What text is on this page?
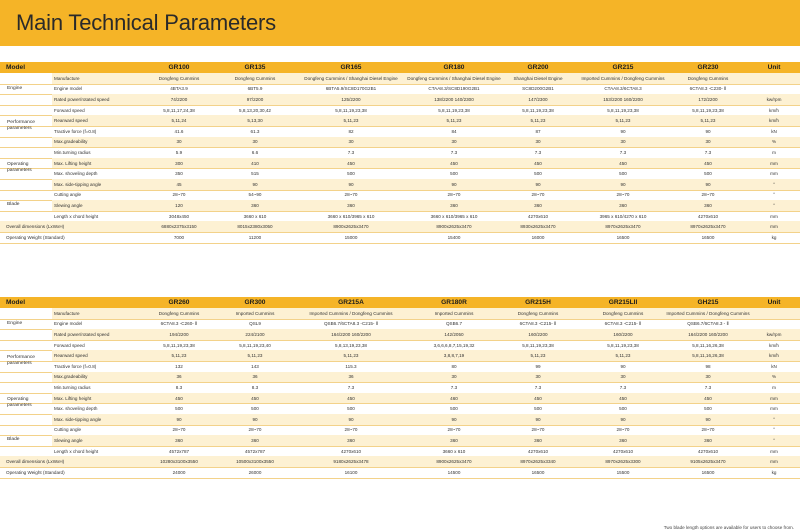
Main Technical Parameters
Model	GR100	GR135	GR165	GR180	GR200	GR215	GR230	Unit
Manufacture	Dongfeng Cummins	Dongfeng Cummins	Dongfeng Cummins / Shanghai Diesel Engine	Dongfeng Cummins / Shanghai Diesel Engine	Shanghai Diesel Engine	Imported Cummins / Dongfeng Cummins	Dongfeng Cummins
Engine model	4BTA3.9	6BT5.9	6BTA5.9/SC8D170G2B1	CTAA8.3/SC8D190G2B1	SC8D200G2B1	CTAA8.3/6CTA8.3	6CTA8.3 -C230- Ⅱ
Rated power/rotated speed	74/2200	97/2200	125/2200	138/2200 140/2300	147/2300	153/2200 160/2200	172/2200	kw/rpm
Forward speed	5,8,11,17,24,38	5,8,13,20,30,42	5,8,11,19,23,38	5,8,11,19,23,38	5,8,11,19,23,38	5,8,11,19,23,38	5,8,11,19,23,38	km/h
Rearward speed	5,11,24	5,13,30	5,11,23	5,11,23	5,11,23	5,11,23	5,11,23	km/h
Tractive force (f=0.8)	41.6	61.3	82	84	87	90	90	kN
Max.gradeability	30	30	30	30	30	30	30	%
Min.turning radius	5.9	6.6	7.3	7.3	7.3	7.3	7.3	m
Max. Lifting height	300	410	450	450	450	450	450	mm
Max. shoveling depth	350	515	500	500	500	500	500	mm
Max. side-tipping angle	45	90	90	90	90	90	90	°
Cutting angle	28~70	54~90	28~70	28~70	28~70	28~70	28~70	°
Slewing angle	120	360	360	360	360	360	360	°
Length x chord height	3048x450	3660 x 610	3660 x 610/3965 x 610	3660 x 610/3965 x 610	4270x610	3965 x 610/4270 x 610	4270x610	mm
Overall dimensions (LxWxH)	6880x2375x3150	8015x2380x3050	8900x2625x3470	8900x2625x3470	8930x2625x3470	8970x2625x3470	8970x2625x3470	mm
Operating Weight (Standard)	7000	11200	15000	15400	16000	16500	16500	kg
Engine
Performance parameters
Operating parameters
Blade
Model	GR260	GR300	GR215A	GR180R	GR215H	GR215LII	GH215	Unit
Manufacture	Dongfeng Cummins	Imported Cummins	Imported Cummins / Dongfeng Cummins	Imported Cummins	Dongfeng Cummins	Dongfeng Cummins	Imported Cummins / Dongfeng Cummins
Engine model	6CTA8.3 -C260- Ⅱ	QSL9	QSB6.7/6CTA8.3 -C215- Ⅱ	QSB6.7	6CTA8.3 -C215- Ⅱ	6CTA8.3 -C215- Ⅱ	QSB6.7/6CTA8.3 - Ⅱ
Rated power/rotated speed	194/2200	224/2100	164/2200 160/2200	142/2050	160/2200	160/2200	164/2200 160/2200	kw/rpm
Forward speed	5,8,11,19,23,38	5,8,11,19,23,40	5,8,13,19,23,38	3,6,6,6,8,7,15,19,32	5,8,11,19,23,38	5,8,11,19,23,38	5,8,11,16,26,38	km/h
Rearward speed	5,11,23	5,11,23	5,11,23	3,8,8,7,19	5,11,23	5,11,23	5,8,11,16,26,38	km/h
Tractive force (f=0.8)	132	143	115.3	80	99	90	98	kN
Max.gradeability	36	36	36	30	30	30	30	%
Min.turning radius	8.3	8.3	7.3	7.3	7.3	7.3	7.3	m
Max. Lifting height	450	450	450	460	450	450	450	mm
Max. shoveling depth	500	500	500	500	500	500	500	mm
Max. side-tipping angle	90	90	90	90	90	90	90	°
Cutting angle	28~70	28~70	28~70	28~70	28~70	28~70	28~70	°
Slewing angle	360	360	360	360	360	360	360	°
Length x chord height	4572x787	4572x787	4270x610	3660 x 610	4270x610	4270x610	4270x610	mm
Overall dimensions (LxWxH)	10280x3100x3550	10500x3100x3550	9180x2625x3478	8900x2625x3470	8970x2625x3340	8970x2625x3300	9105x2625x3470	mm
Operating Weight (Standard)	24000	26000	16100	14500	16500	15500	16500	kg
Engine
Performance parameters
Operating parameters
Blade
Two blade length options are available for users to choose from.
